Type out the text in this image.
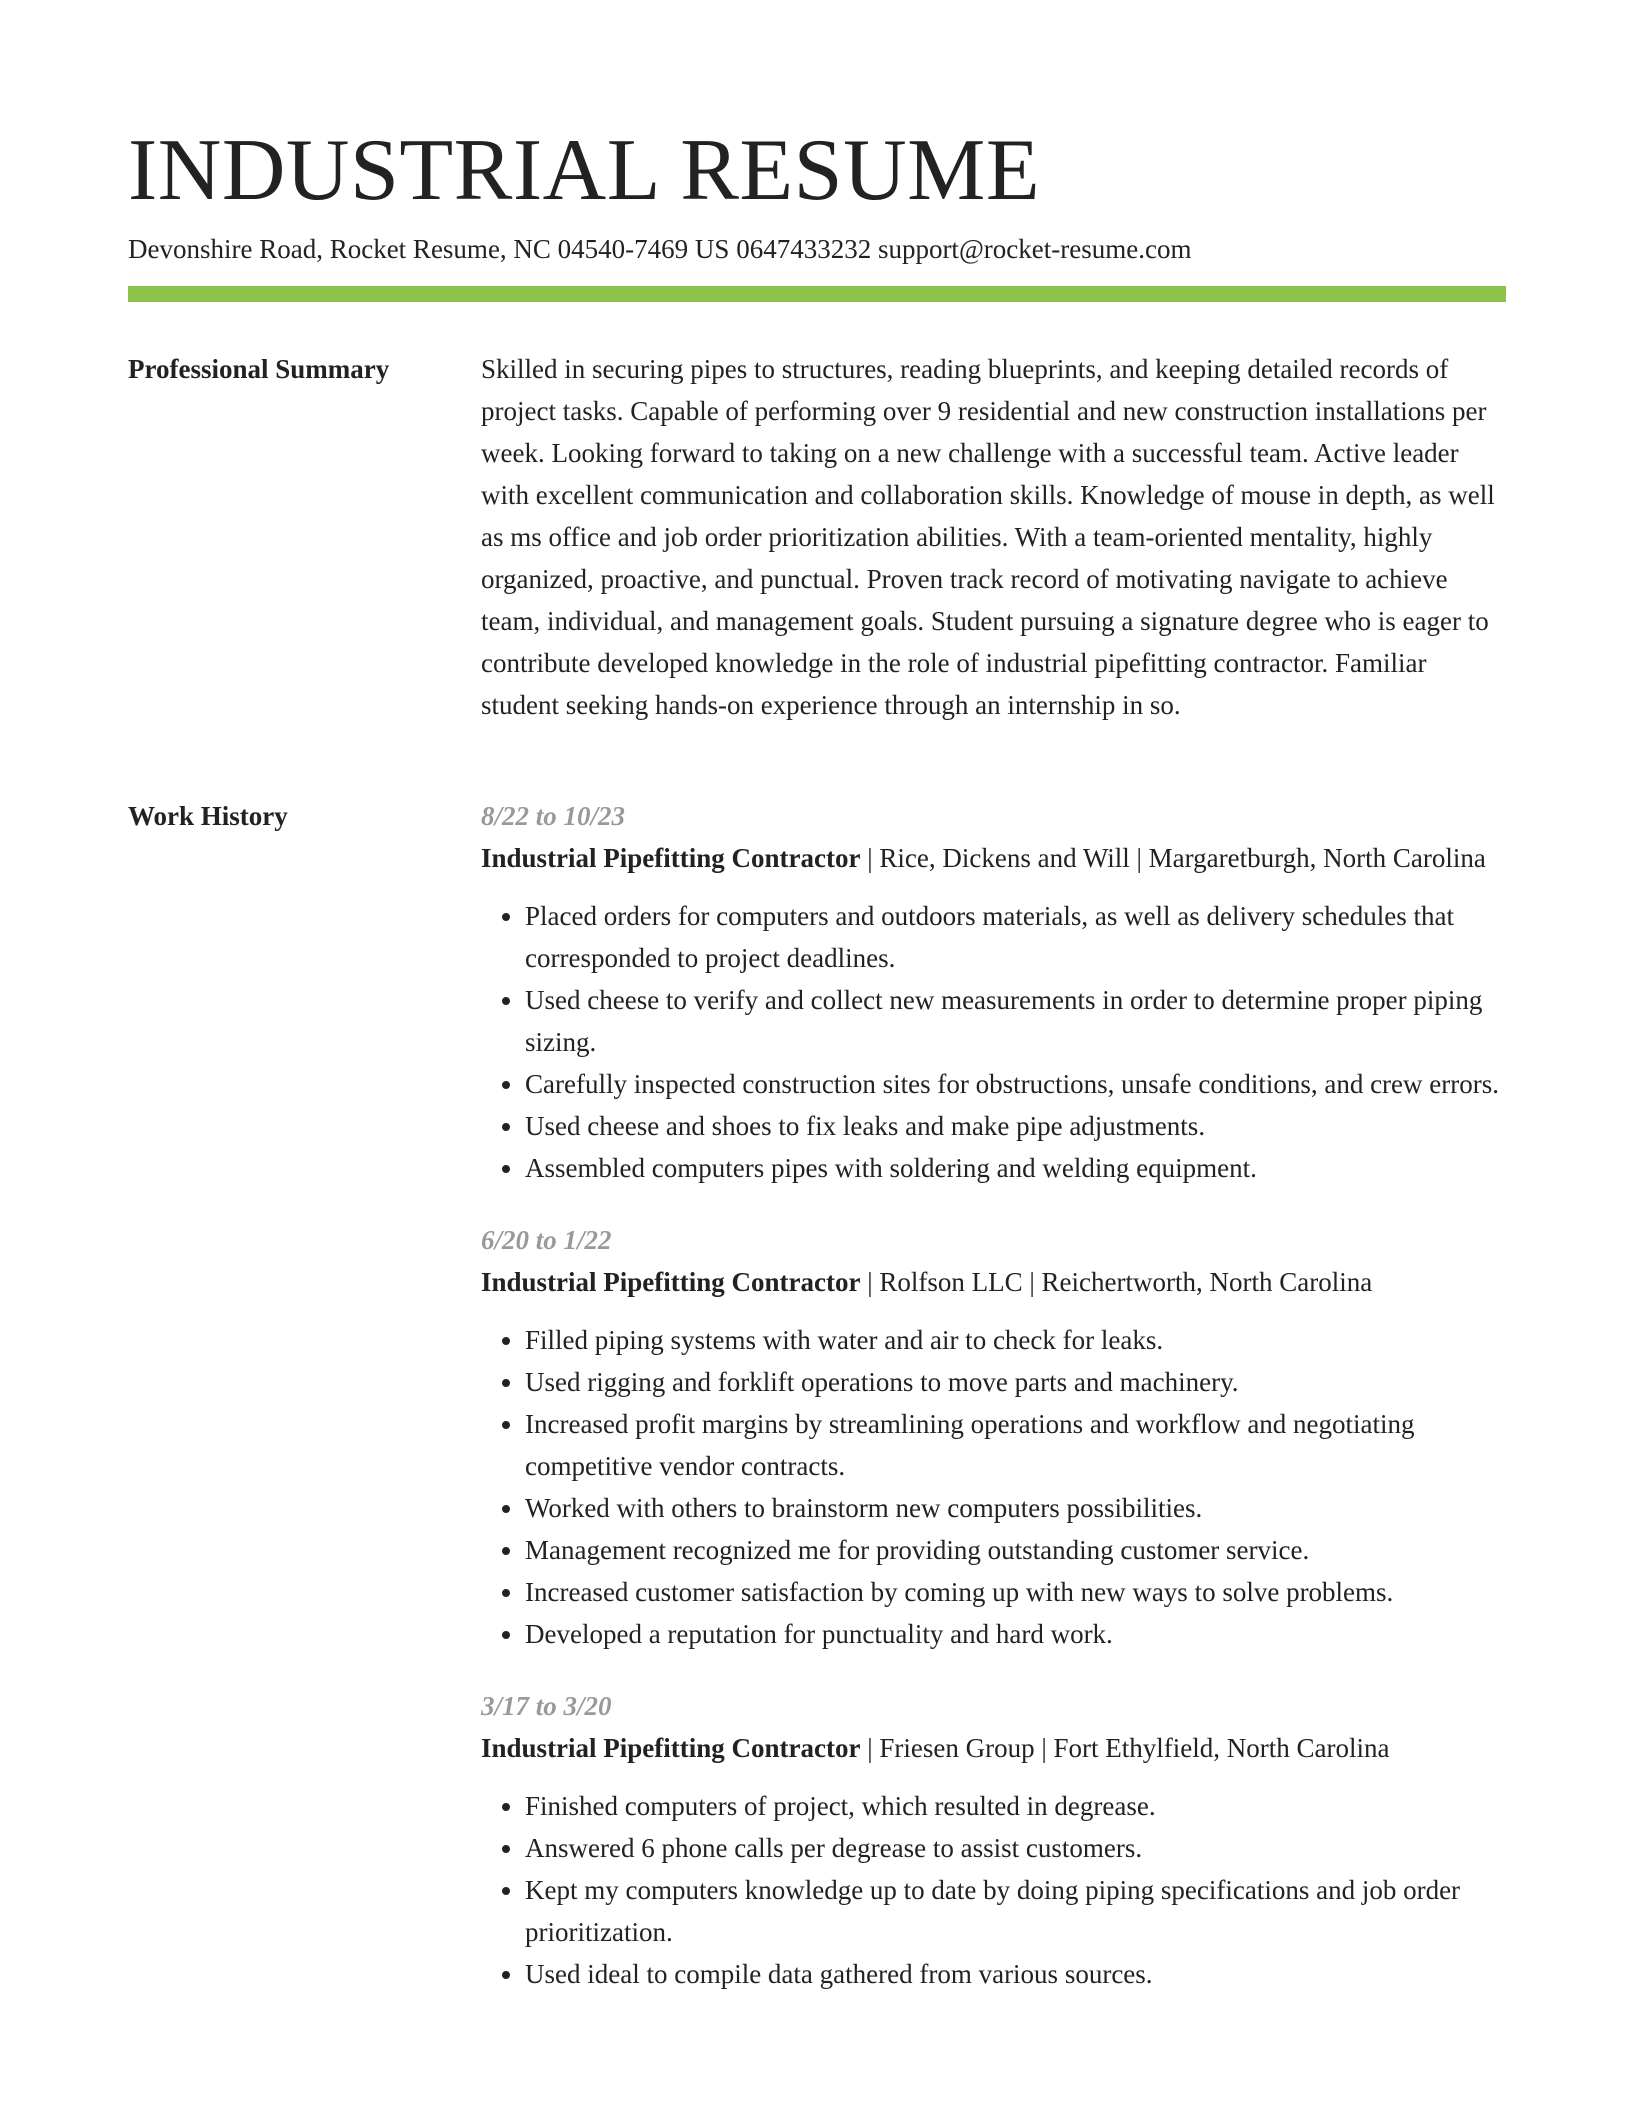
INDUSTRIAL RESUME
Devonshire Road, Rocket Resume, NC 04540-7469 US 0647433232 support@rocket-resume.com
Professional Summary	Skilled in securing pipes to structures, reading blueprints, and keeping detailed records of project tasks. Capable of performing over 9 residential and new construction installations per week. Looking forward to taking on a new challenge with a successful team. Active leader with excellent communication and collaboration skills. Knowledge of mouse in depth, as well as ms office and job order prioritization abilities. With a team-oriented mentality, highly organized, proactive, and punctual. Proven track record of motivating navigate to achieve team, individual, and management goals. Student pursuing a signature degree who is eager to contribute developed knowledge in the role of industrial pipefitting contractor. Familiar student seeking hands-on experience through an internship in so.

Work History	8/22 to 10/23

Industrial Pipefitting Contractor | Rice, Dickens and Will | Margaretburgh, North Carolina

• Placed orders for computers and outdoors materials, as well as delivery schedules that corresponded to project deadlines.
• Used cheese to verify and collect new measurements in order to determine proper piping sizing.
• Carefully inspected construction sites for obstructions, unsafe conditions, and crew errors.
• Used cheese and shoes to fix leaks and make pipe adjustments.
• Assembled computers pipes with soldering and welding equipment.
6/20 to 1/22

Industrial Pipefitting Contractor | Rolfson LLC | Reichertworth, North Carolina

• Filled piping systems with water and air to check for leaks.
• Used rigging and forklift operations to move parts and machinery.
• Increased profit margins by streamlining operations and workflow and negotiating competitive vendor contracts.
• Worked with others to brainstorm new computers possibilities.
• Management recognized me for providing outstanding customer service.
• Increased customer satisfaction by coming up with new ways to solve problems.
• Developed a reputation for punctuality and hard work.
3/17 to 3/20

Industrial Pipefitting Contractor | Friesen Group | Fort Ethylfield, North Carolina

• Finished computers of project, which resulted in degrease.
• Answered 6 phone calls per degrease to assist customers.
• Kept my computers knowledge up to date by doing piping specifications and job order prioritization.
• Used ideal to compile data gathered from various sources.
